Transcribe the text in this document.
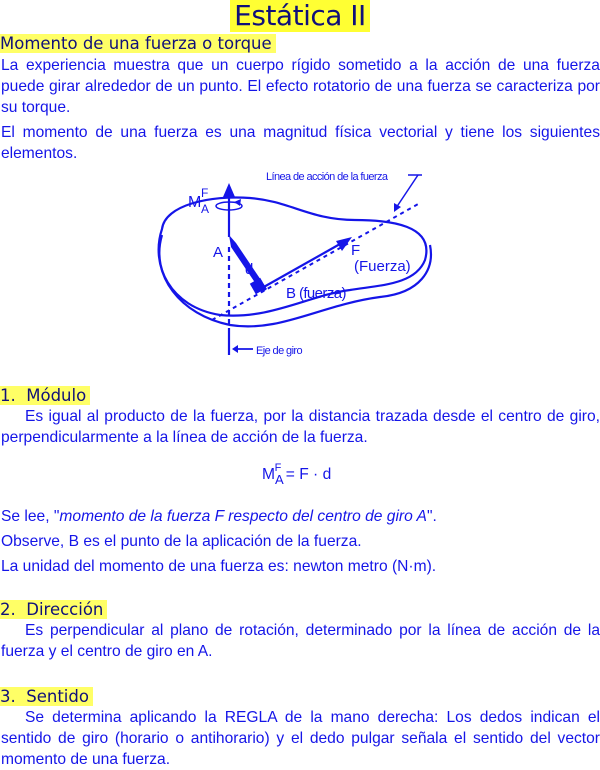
Estática II
Momento de una fuerza o torque

La experiencia muestra que un cuerpo rígido sometido a la acción de una fuerza puede girar alrededor de un punto. El efecto rotatorio de una fuerza se caracteriza por su torque.

El momento de una fuerza es una magnitud física vectorial y tiene los siguientes elementos.

M
F
A
Línea de acción de la fuerza
A
d
F
(Fuerza)
B (fuerza)
Eje de giro
1.  Módulo

Es igual al producto de la fuerza, por la distancia trazada desde el centro de giro, perpendicularmente a la línea de acción de la fuerza.

$M_A^F = F \cdot d$

Se lee, "momento de la fuerza F respecto del centro de giro A".

Observe, B es el punto de la aplicación de la fuerza.

La unidad del momento de una fuerza es: newton metro (N·m).

2.  Dirección

Es perpendicular al plano de rotación, determinado por la línea de acción de la fuerza y el centro de giro en A.

3.  Sentido

Se determina aplicando la REGLA de la mano derecha: Los dedos indican el sentido de giro (horario o antihorario) y el dedo pulgar señala el sentido del vector momento de una fuerza.
